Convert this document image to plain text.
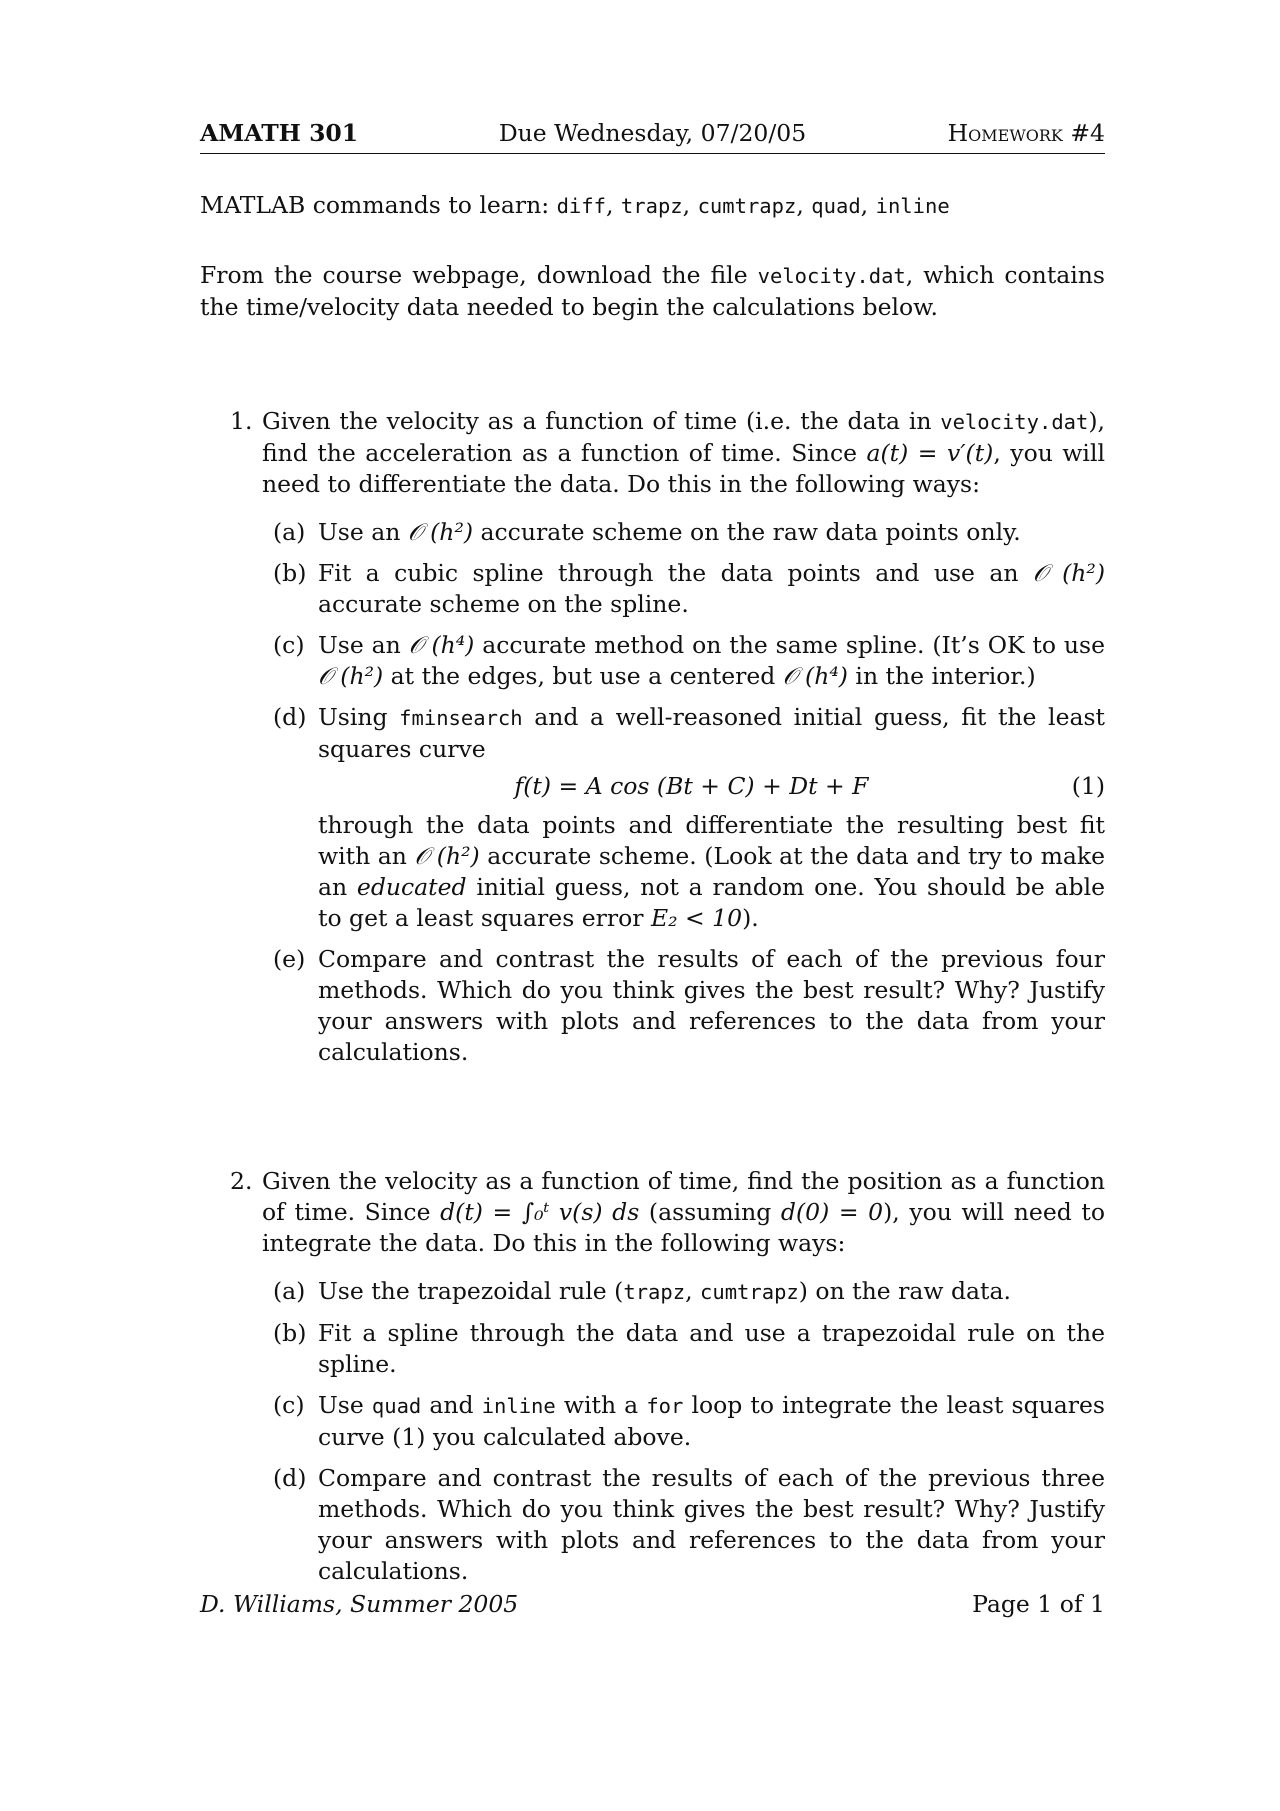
AMATH 301	Due Wednesday, 07/20/05	Homework #4
MATLAB commands to learn: diff, trapz, cumtrapz, quad, inline
From the course webpage, download the file velocity.dat, which contains the time/velocity data needed to begin the calculations below.
1. Given the velocity as a function of time (i.e. the data in velocity.dat), find the acceleration as a function of time. Since a(t) = v′(t), you will need to differentiate the data. Do this in the following ways:
(a) Use an 𝒪 (h²) accurate scheme on the raw data points only.
(b) Fit a cubic spline through the data points and use an 𝒪 (h²) accurate scheme on the spline.
(c) Use an 𝒪 (h⁴) accurate method on the same spline. (It’s OK to use 𝒪 (h²) at the edges, but use a centered 𝒪 (h⁴) in the interior.)
(d) Using fminsearch and a well-reasoned initial guess, fit the least squares curve
f(t) = A cos (Bt + C) + Dt + F	(1)
through the data points and differentiate the resulting best fit with an 𝒪 (h²) accurate scheme. (Look at the data and try to make an educated initial guess, not a random one. You should be able to get a least squares error E₂ < 10).
(e) Compare and contrast the results of each of the previous four methods. Which do you think gives the best result? Why? Justify your answers with plots and references to the data from your calculations.
2. Given the velocity as a function of time, find the position as a function of time. Since d(t) = ∫₀ᵗ v(s) ds (assuming d(0) = 0), you will need to integrate the data. Do this in the following ways:
(a) Use the trapezoidal rule (trapz, cumtrapz) on the raw data.
(b) Fit a spline through the data and use a trapezoidal rule on the spline.
(c) Use quad and inline with a for loop to integrate the least squares curve (1) you calculated above.
(d) Compare and contrast the results of each of the previous three methods. Which do you think gives the best result? Why? Justify your answers with plots and references to the data from your calculations.
D. Williams, Summer 2005	Page 1 of 1
